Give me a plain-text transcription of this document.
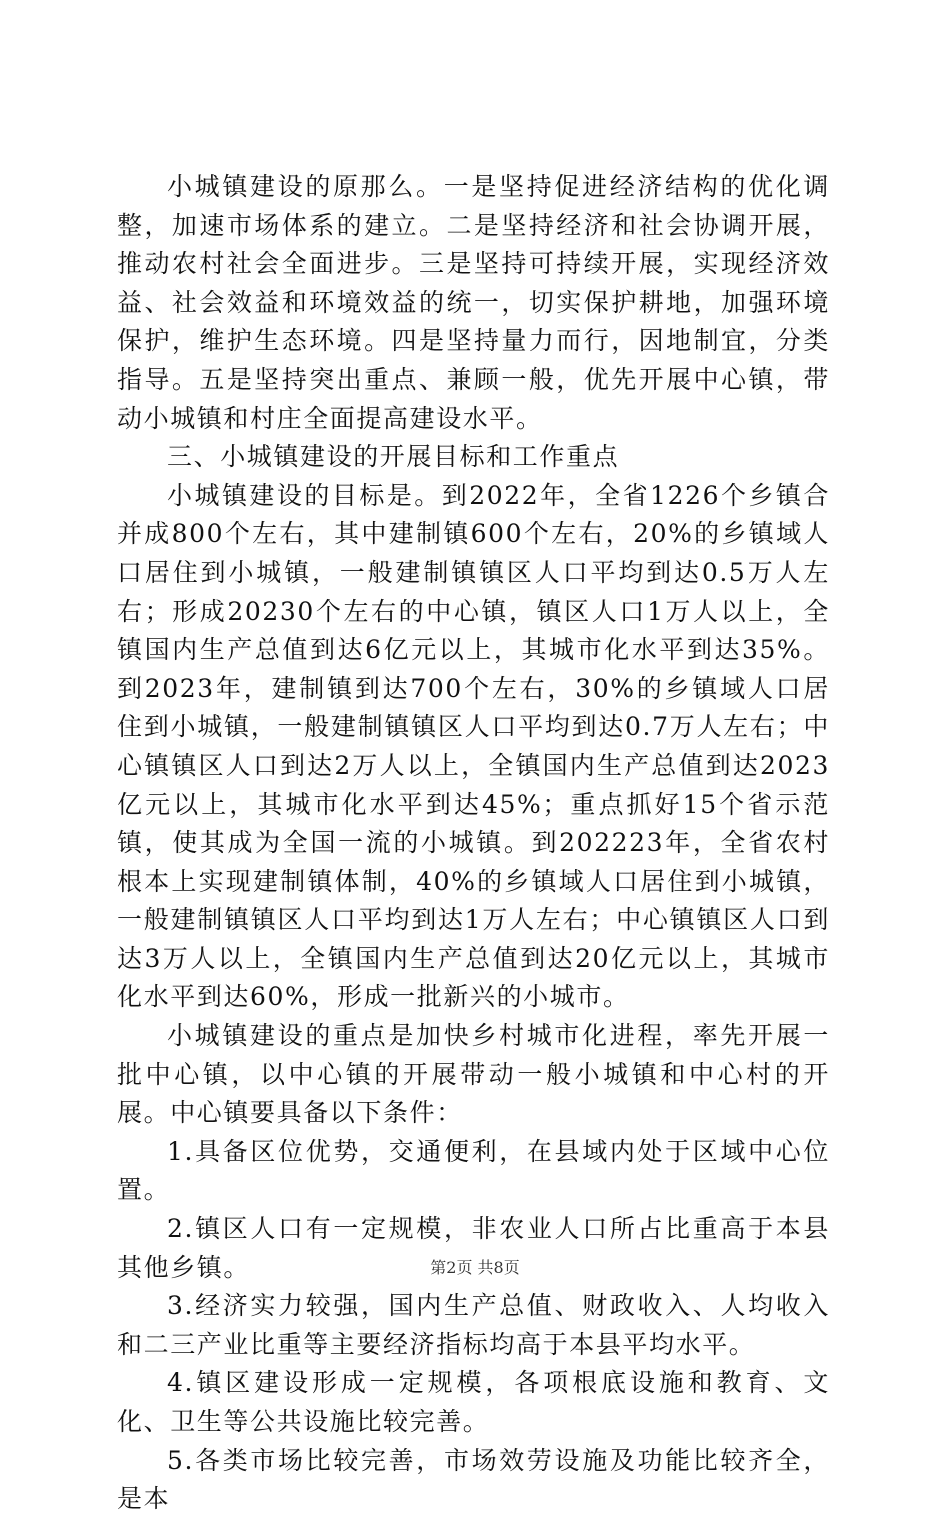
小城镇建设的原那么。一是坚持促进经济结构的优化调整，加速市场体系的建立。二是坚持经济和社会协调开展，推动农村社会全面进步。三是坚持可持续开展，实现经济效益、社会效益和环境效益的统一，切实保护耕地，加强环境保护，维护生态环境。四是坚持量力而行，因地制宜，分类指导。五是坚持突出重点、兼顾一般，优先开展中心镇，带动小城镇和村庄全面提高建设水平。

三、小城镇建设的开展目标和工作重点

小城镇建设的目标是。到2022年，全省1226个乡镇合并成800个左右，其中建制镇600个左右，20%的乡镇域人口居住到小城镇，一般建制镇镇区人口平均到达0.5万人左右；形成20230个左右的中心镇，镇区人口1万人以上，全镇国内生产总值到达6亿元以上，其城市化水平到达35%。到2023年，建制镇到达700个左右，30%的乡镇域人口居住到小城镇，一般建制镇镇区人口平均到达0.7万人左右；中心镇镇区人口到达2万人以上，全镇国内生产总值到达2023亿元以上，其城市化水平到达45%；重点抓好15个省示范镇，使其成为全国一流的小城镇。到202223年，全省农村根本上实现建制镇体制，40%的乡镇域人口居住到小城镇，一般建制镇镇区人口平均到达1万人左右；中心镇镇区人口到达3万人以上，全镇国内生产总值到达20亿元以上，其城市化水平到达60%，形成一批新兴的小城市。

小城镇建设的重点是加快乡村城市化进程，率先开展一批中心镇，以中心镇的开展带动一般小城镇和中心村的开展。中心镇要具备以下条件：

1.具备区位优势，交通便利，在县域内处于区域中心位置。

2.镇区人口有一定规模，非农业人口所占比重高于本县其他乡镇。

3.经济实力较强，国内生产总值、财政收入、人均收入和二三产业比重等主要经济指标均高于本县平均水平。

4.镇区建设形成一定规模，各项根底设施和教育、文化、卫生等公共设施比较完善。

5.各类市场比较完善，市场效劳设施及功能比较齐全，是本

第2页 共8页
